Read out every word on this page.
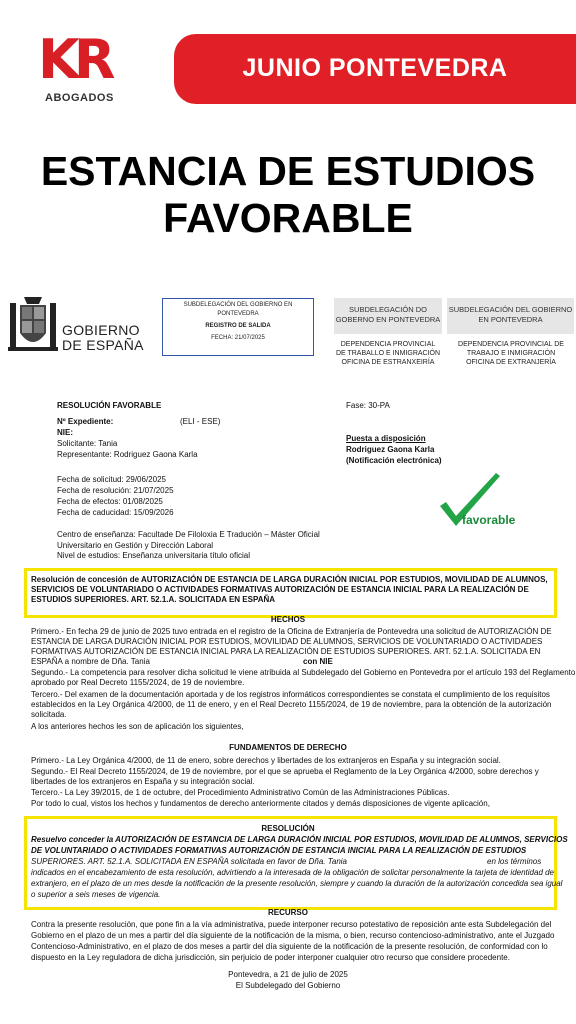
KR
ABOGADOS
JUNIO PONTEVEDRA
ESTANCIA DE ESTUDIOS
FAVORABLE
GOBIERNO
DE ESPAÑA
SUBDELEGACIÓN DEL GOBIERNO EN
PONTEVEDRA
REGISTRO DE SALIDA
FECHA: 21/07/2025
SUBDELEGACIÓN DO
GOBERNO EN PONTEVEDRA
SUBDELEGACIÓN DEL GOBIERNO
EN PONTEVEDRA
DEPENDENCIA PROVINCIAL
DE TRABALLO E INMIGRACIÓN
OFICINA DE ESTRANXEIRÍA
DEPENDENCIA PROVINCIAL DE
TRABAJO E INMIGRACIÓN
OFICINA DE EXTRANJERÍA
RESOLUCIÓN FAVORABLE	Fase: 30-PA
Nº Expediente:	(ELI - ESE)
NIE:
Solicitante: Tania
Representante: Rodriguez Gaona Karla
Puesta a disposición
Rodriguez Gaona Karla
(Notificación electrónica)
Fecha de solicitud: 29/06/2025
Fecha de resolución: 21/07/2025
Fecha de efectos: 01/08/2025
Fecha de caducidad: 15/09/2026
Centro de enseñanza: Facultade De Filoloxia E Tradución – Máster Oficial
Universitario en Gestión y Dirección Laboral
Nivel de estudios: Enseñanza universitaria título oficial
favorable
Resolución de concesión de AUTORIZACIÓN DE ESTANCIA DE LARGA DURACIÓN INICIAL POR ESTUDIOS, MOVILIDAD DE ALUMNOS,
SERVICIOS DE VOLUNTARIADO O ACTIVIDADES FORMATIVAS AUTORIZACIÓN DE ESTANCIA INICIAL PARA LA REALIZACIÓN DE
ESTUDIOS SUPERIORES. ART. 52.1.A. SOLICITADA EN ESPAÑA
HECHOS
Primero.- En fecha 29 de junio de 2025 tuvo entrada en el registro de la Oficina de Extranjería de Pontevedra una solicitud de AUTORIZACIÓN DE
ESTANCIA DE LARGA DURACIÓN INICIAL POR ESTUDIOS, MOVILIDAD DE ALUMNOS, SERVICIOS DE VOLUNTARIADO O ACTIVIDADES
FORMATIVAS AUTORIZACIÓN DE ESTANCIA INICIAL PARA LA REALIZACIÓN DE ESTUDIOS SUPERIORES. ART. 52.1.A. SOLICITADA EN
ESPAÑA a nombre de Dña. Tania	con NIE
Segundo.- La competencia para resolver dicha solicitud le viene atribuida al Subdelegado del Gobierno en Pontevedra por el artículo 193 del Reglamento
aprobado por Real Decreto 1155/2024, de 19 de noviembre.
Tercero.- Del examen de la documentación aportada y de los registros informáticos correspondientes se constata el cumplimiento de los requisitos
establecidos en la Ley Orgánica 4/2000, de 11 de enero, y en el Real Decreto 1155/2024, de 19 de noviembre, para la obtención de la autorización
solicitada.
A los anteriores hechos les son de aplicación los siguientes,
FUNDAMENTOS DE DERECHO
Primero.- La Ley Orgánica 4/2000, de 11 de enero, sobre derechos y libertades de los extranjeros en España y su integración social.
Segundo.- El Real Decreto 1155/2024, de 19 de noviembre, por el que se aprueba el Reglamento de la Ley Orgánica 4/2000, sobre derechos y
libertades de los extranjeros en España y su integración social.
Tercero.- La Ley 39/2015, de 1 de octubre, del Procedimiento Administrativo Común de las Administraciones Públicas.
Por todo lo cual, vistos los hechos y fundamentos de derecho anteriormente citados y demás disposiciones de vigente aplicación,
RESOLUCIÓN
Resuelvo conceder la AUTORIZACIÓN DE ESTANCIA DE LARGA DURACIÓN INICIAL POR ESTUDIOS, MOVILIDAD DE ALUMNOS, SERVICIOS
DE VOLUNTARIADO O ACTIVIDADES FORMATIVAS AUTORIZACIÓN DE ESTANCIA INICIAL PARA LA REALIZACIÓN DE ESTUDIOS
SUPERIORES. ART. 52.1.A. SOLICITADA EN ESPAÑA solicitada en favor de Dña. Tania	en los términos
indicados en el encabezamiento de esta resolución, advirtiendo a la interesada de la obligación de solicitar personalmente la tarjeta de identidad de
extranjero, en el plazo de un mes desde la notificación de la presente resolución, siempre y cuando la duración de la autorización concedida sea igual
o superior a seis meses de vigencia.
RECURSO
Contra la presente resolución, que pone fin a la vía administrativa, puede interponer recurso potestativo de reposición ante esta Subdelegación del
Gobierno en el plazo de un mes a partir del día siguiente de la notificación de la misma, o bien, recurso contencioso-administrativo, ante el Juzgado
Contencioso-Administrativo, en el plazo de dos meses a partir del día siguiente de la notificación de la presente resolución, de conformidad con lo
dispuesto en la Ley reguladora de dicha jurisdicción, sin perjuicio de poder interponer cualquier otro recurso que considere procedente.
Pontevedra, a 21 de julio de 2025
El Subdelegado del Gobierno
